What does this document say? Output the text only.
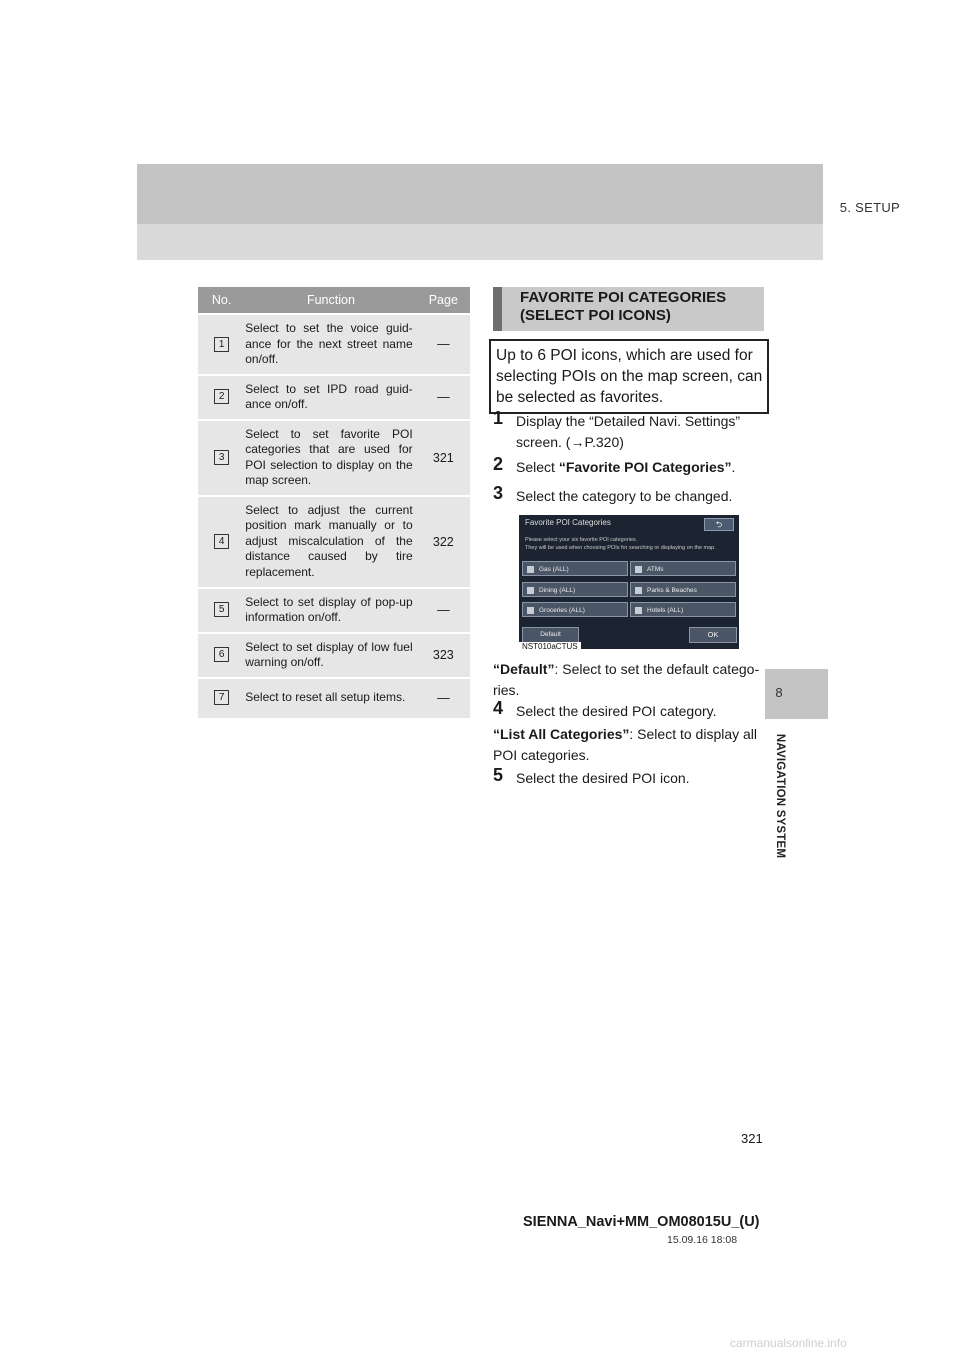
5. SETUP
8
NAVIGATION SYSTEM
No.	Function	Page
1	Select to set the voice guid-ance for the next street name on/off.	—
2	Select to set IPD road guid-ance on/off.	—
3	Select to set favorite POI categories that are used for POI selection to display on the map screen.	321
4	Select to adjust the current position mark manually or to adjust miscalculation of the distance caused by tire replacement.	322
5	Select to set display of pop-up information on/off.	—
6	Select to set display of low fuel warning on/off.	323
7	Select to reset all setup items.	—
FAVORITE POI CATEGORIES (SELECT POI ICONS)
Up to 6 POI icons, which are used for selecting POIs on the map screen, can be selected as favorites.
1 Display the “Detailed Navi. Settings” screen. (→P.320)
2 Select “Favorite POI Categories”.
3 Select the category to be changed.
Favorite POI Categories	⮌
Please select your six favorite POI categories.
They will be used when choosing POIs for searching or displaying on the map.
Gas (ALL)	ATMs
Dining (ALL)	Parks & Beaches
Groceries (ALL)	Hotels (ALL)
Default	OK
NST010aCTUS
“Default”: Select to set the default catego-ries.
4 Select the desired POI category.
“List All Categories”: Select to display all POI categories.
5 Select the desired POI icon.
321
SIENNA_Navi+MM_OM08015U_(U)
15.09.16 18:08
carmanualsonline.info
